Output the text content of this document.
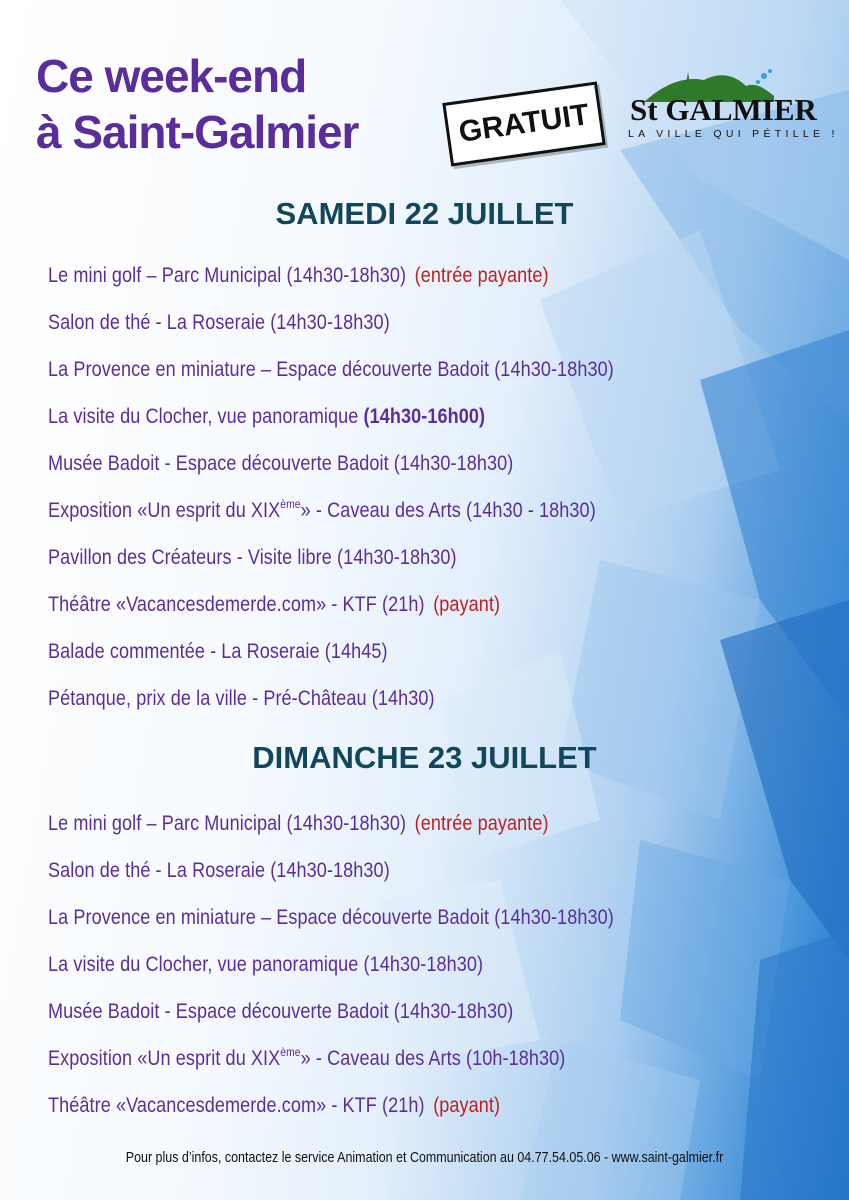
Ce week-end
à Saint-Galmier	GRATUIT St GALMIER
LA VILLE QUI PÉTILLE !
SAMEDI 22 JUILLET
Le mini golf – Parc Municipal (14h30-18h30) (entrée payante)
Salon de thé - La Roseraie (14h30-18h30)
La Provence en miniature – Espace découverte Badoit (14h30-18h30)
La visite du Clocher, vue panoramique (14h30-16h00)
Musée Badoit - Espace découverte Badoit (14h30-18h30)
Exposition «Un esprit du XIXème» - Caveau des Arts (14h30 - 18h30)
Pavillon des Créateurs - Visite libre (14h30-18h30)
Théâtre «Vacancesdemerde.com» - KTF (21h) (payant)
Balade commentée - La Roseraie (14h45)
Pétanque, prix de la ville - Pré-Château (14h30)
DIMANCHE 23 JUILLET
Le mini golf – Parc Municipal (14h30-18h30) (entrée payante)
Salon de thé - La Roseraie (14h30-18h30)
La Provence en miniature – Espace découverte Badoit (14h30-18h30)
La visite du Clocher, vue panoramique (14h30-18h30)
Musée Badoit - Espace découverte Badoit (14h30-18h30)
Exposition «Un esprit du XIXème» - Caveau des Arts (10h-18h30)
Théâtre «Vacancesdemerde.com» - KTF (21h) (payant)

Pour plus d’infos, contactez le service Animation et Communication au 04.77.54.05.06 - www.saint-galmier.fr
